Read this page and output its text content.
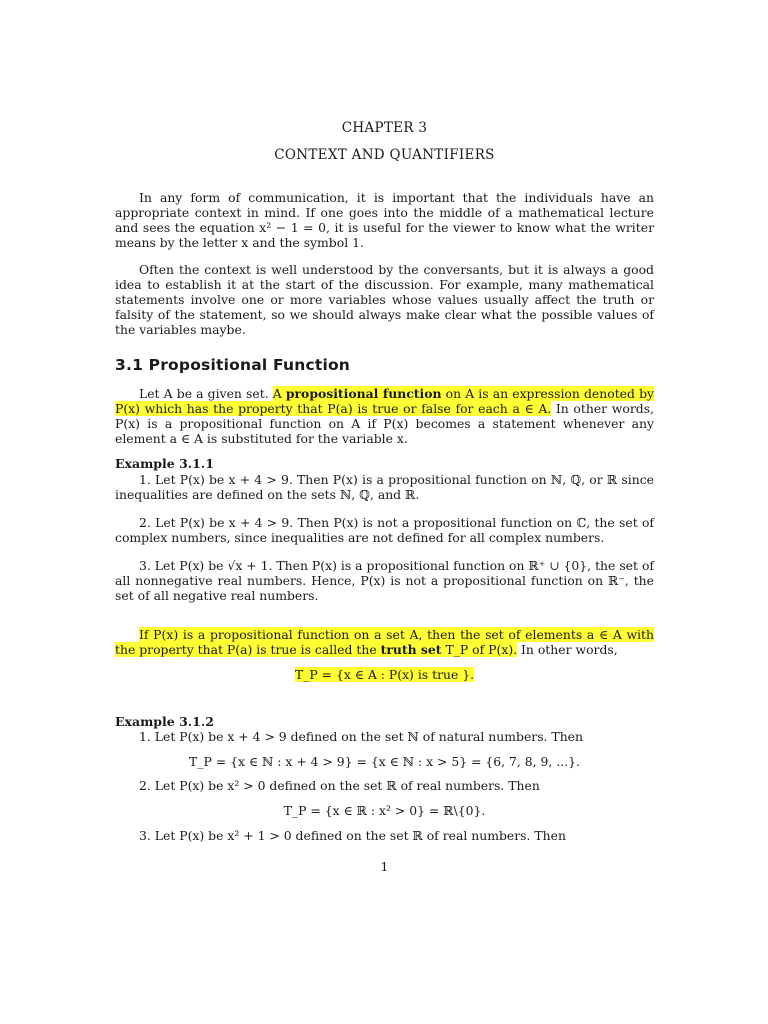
CHAPTER 3
CONTEXT AND QUANTIFIERS

In any form of communication, it is important that the individuals have an appropriate context in mind. If one goes into the middle of a mathematical lecture and sees the equation x² − 1 = 0, it is useful for the viewer to know what the writer means by the letter x and the symbol 1.

Often the context is well understood by the conversants, but it is always a good idea to establish it at the start of the discussion. For example, many mathematical statements involve one or more variables whose values usually affect the truth or falsity of the statement, so we should always make clear what the possible values of the variables maybe.

3.1 Propositional Function

Let A be a given set. A propositional function on A is an expression denoted by P(x) which has the property that P(a) is true or false for each a ∈ A. In other words, P(x) is a propositional function on A if P(x) becomes a statement whenever any element a ∈ A is substituted for the variable x.

Example 3.1.1

1. Let P(x) be x + 4 > 9. Then P(x) is a propositional function on ℕ, ℚ, or ℝ since inequalities are defined on the sets ℕ, ℚ, and ℝ.

2. Let P(x) be x + 4 > 9. Then P(x) is not a propositional function on ℂ, the set of complex numbers, since inequalities are not defined for all complex numbers.

3. Let P(x) be √x + 1. Then P(x) is a propositional function on ℝ⁺ ∪ {0}, the set of all nonnegative real numbers. Hence, P(x) is not a propositional function on ℝ⁻, the set of all negative real numbers.

If P(x) is a propositional function on a set A, then the set of elements a ∈ A with the property that P(a) is true is called the truth set T_P of P(x). In other words,

T_P = {x ∈ A : P(x) is true }.
Example 3.1.2

1. Let P(x) be x + 4 > 9 defined on the set ℕ of natural numbers. Then

T_P = {x ∈ ℕ : x + 4 > 9} = {x ∈ ℕ : x > 5} = {6, 7, 8, 9, ...}.

2. Let P(x) be x² > 0 defined on the set ℝ of real numbers. Then

T_P = {x ∈ ℝ : x² > 0} = ℝ\{0}.

3. Let P(x) be x² + 1 > 0 defined on the set ℝ of real numbers. Then

1
